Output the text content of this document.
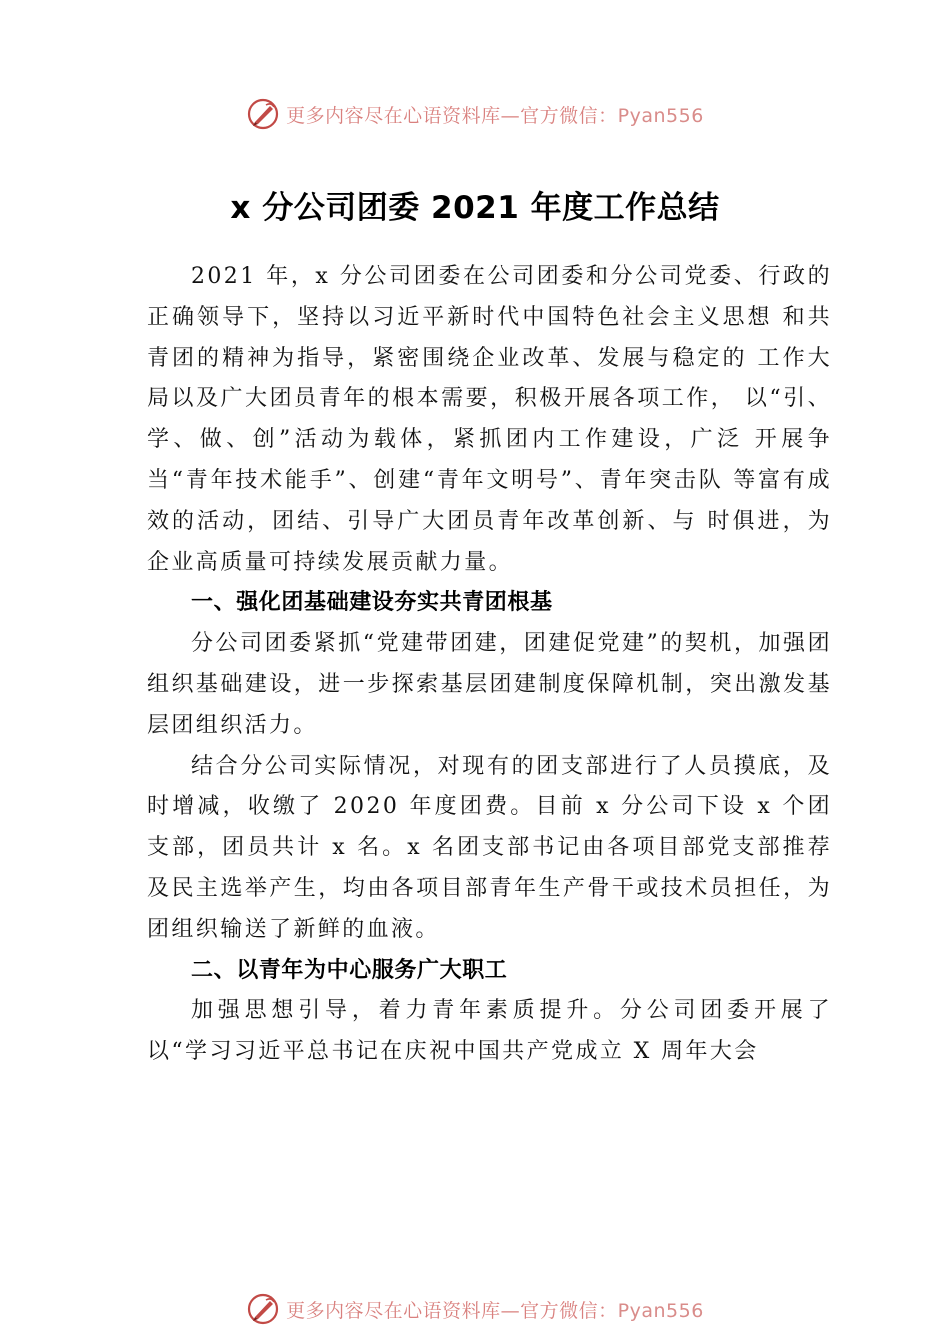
更多内容尽在心语资料库—官方微信：Pyan556
x 分公司团委 2021 年度工作总结

2021 年，x 分公司团委在公司团委和分公司党委、行政的正确领导下，坚持以习近平新时代中国特色社会主义思想 和共青团的精神为指导，紧密围绕企业改革、发展与稳定的 工作大局以及广大团员青年的根本需要，积极开展各项工作， 以“引、学、做、创”活动为载体，紧抓团内工作建设，广泛 开展争当“青年技术能手”、创建“青年文明号”、青年突击队 等富有成效的活动，团结、引导广大团员青年改革创新、与 时俱进，为企业高质量可持续发展贡献力量。

一、强化团基础建设夯实共青团根基

分公司团委紧抓“党建带团建，团建促党建”的契机，加强团组织基础建设，进一步探索基层团建制度保障机制，突出激发基层团组织活力。

结合分公司实际情况，对现有的团支部进行了人员摸底，及时增减，收缴了 2020 年度团费。目前 x 分公司下设 x 个团支部，团员共计 x 名。x 名团支部书记由各项目部党支部推荐及民主选举产生，均由各项目部青年生产骨干或技术员担任，为团组织输送了新鲜的血液。

二、以青年为中心服务广大职工

加强思想引导，着力青年素质提升。分公司团委开展了以“学习习近平总书记在庆祝中国共产党成立 X 周年大会

更多内容尽在心语资料库—官方微信：Pyan556
